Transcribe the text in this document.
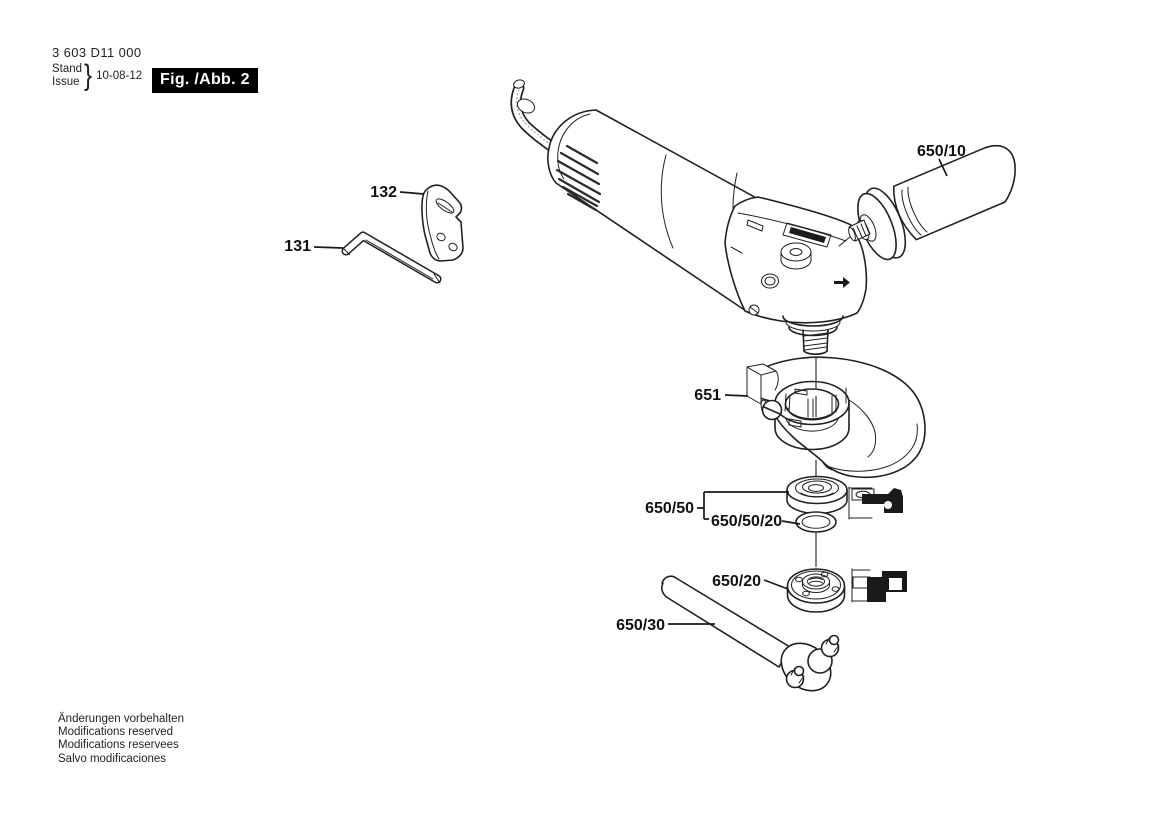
3 603 D11 000
Stand
Issue } 10-08-12	Fig. /Abb. 2
132
131
650/10
651
650/50
650/50/20
650/20
650/30
Änderungen vorbehalten
Modifications reserved
Modifications reservees
Salvo modificaciones
